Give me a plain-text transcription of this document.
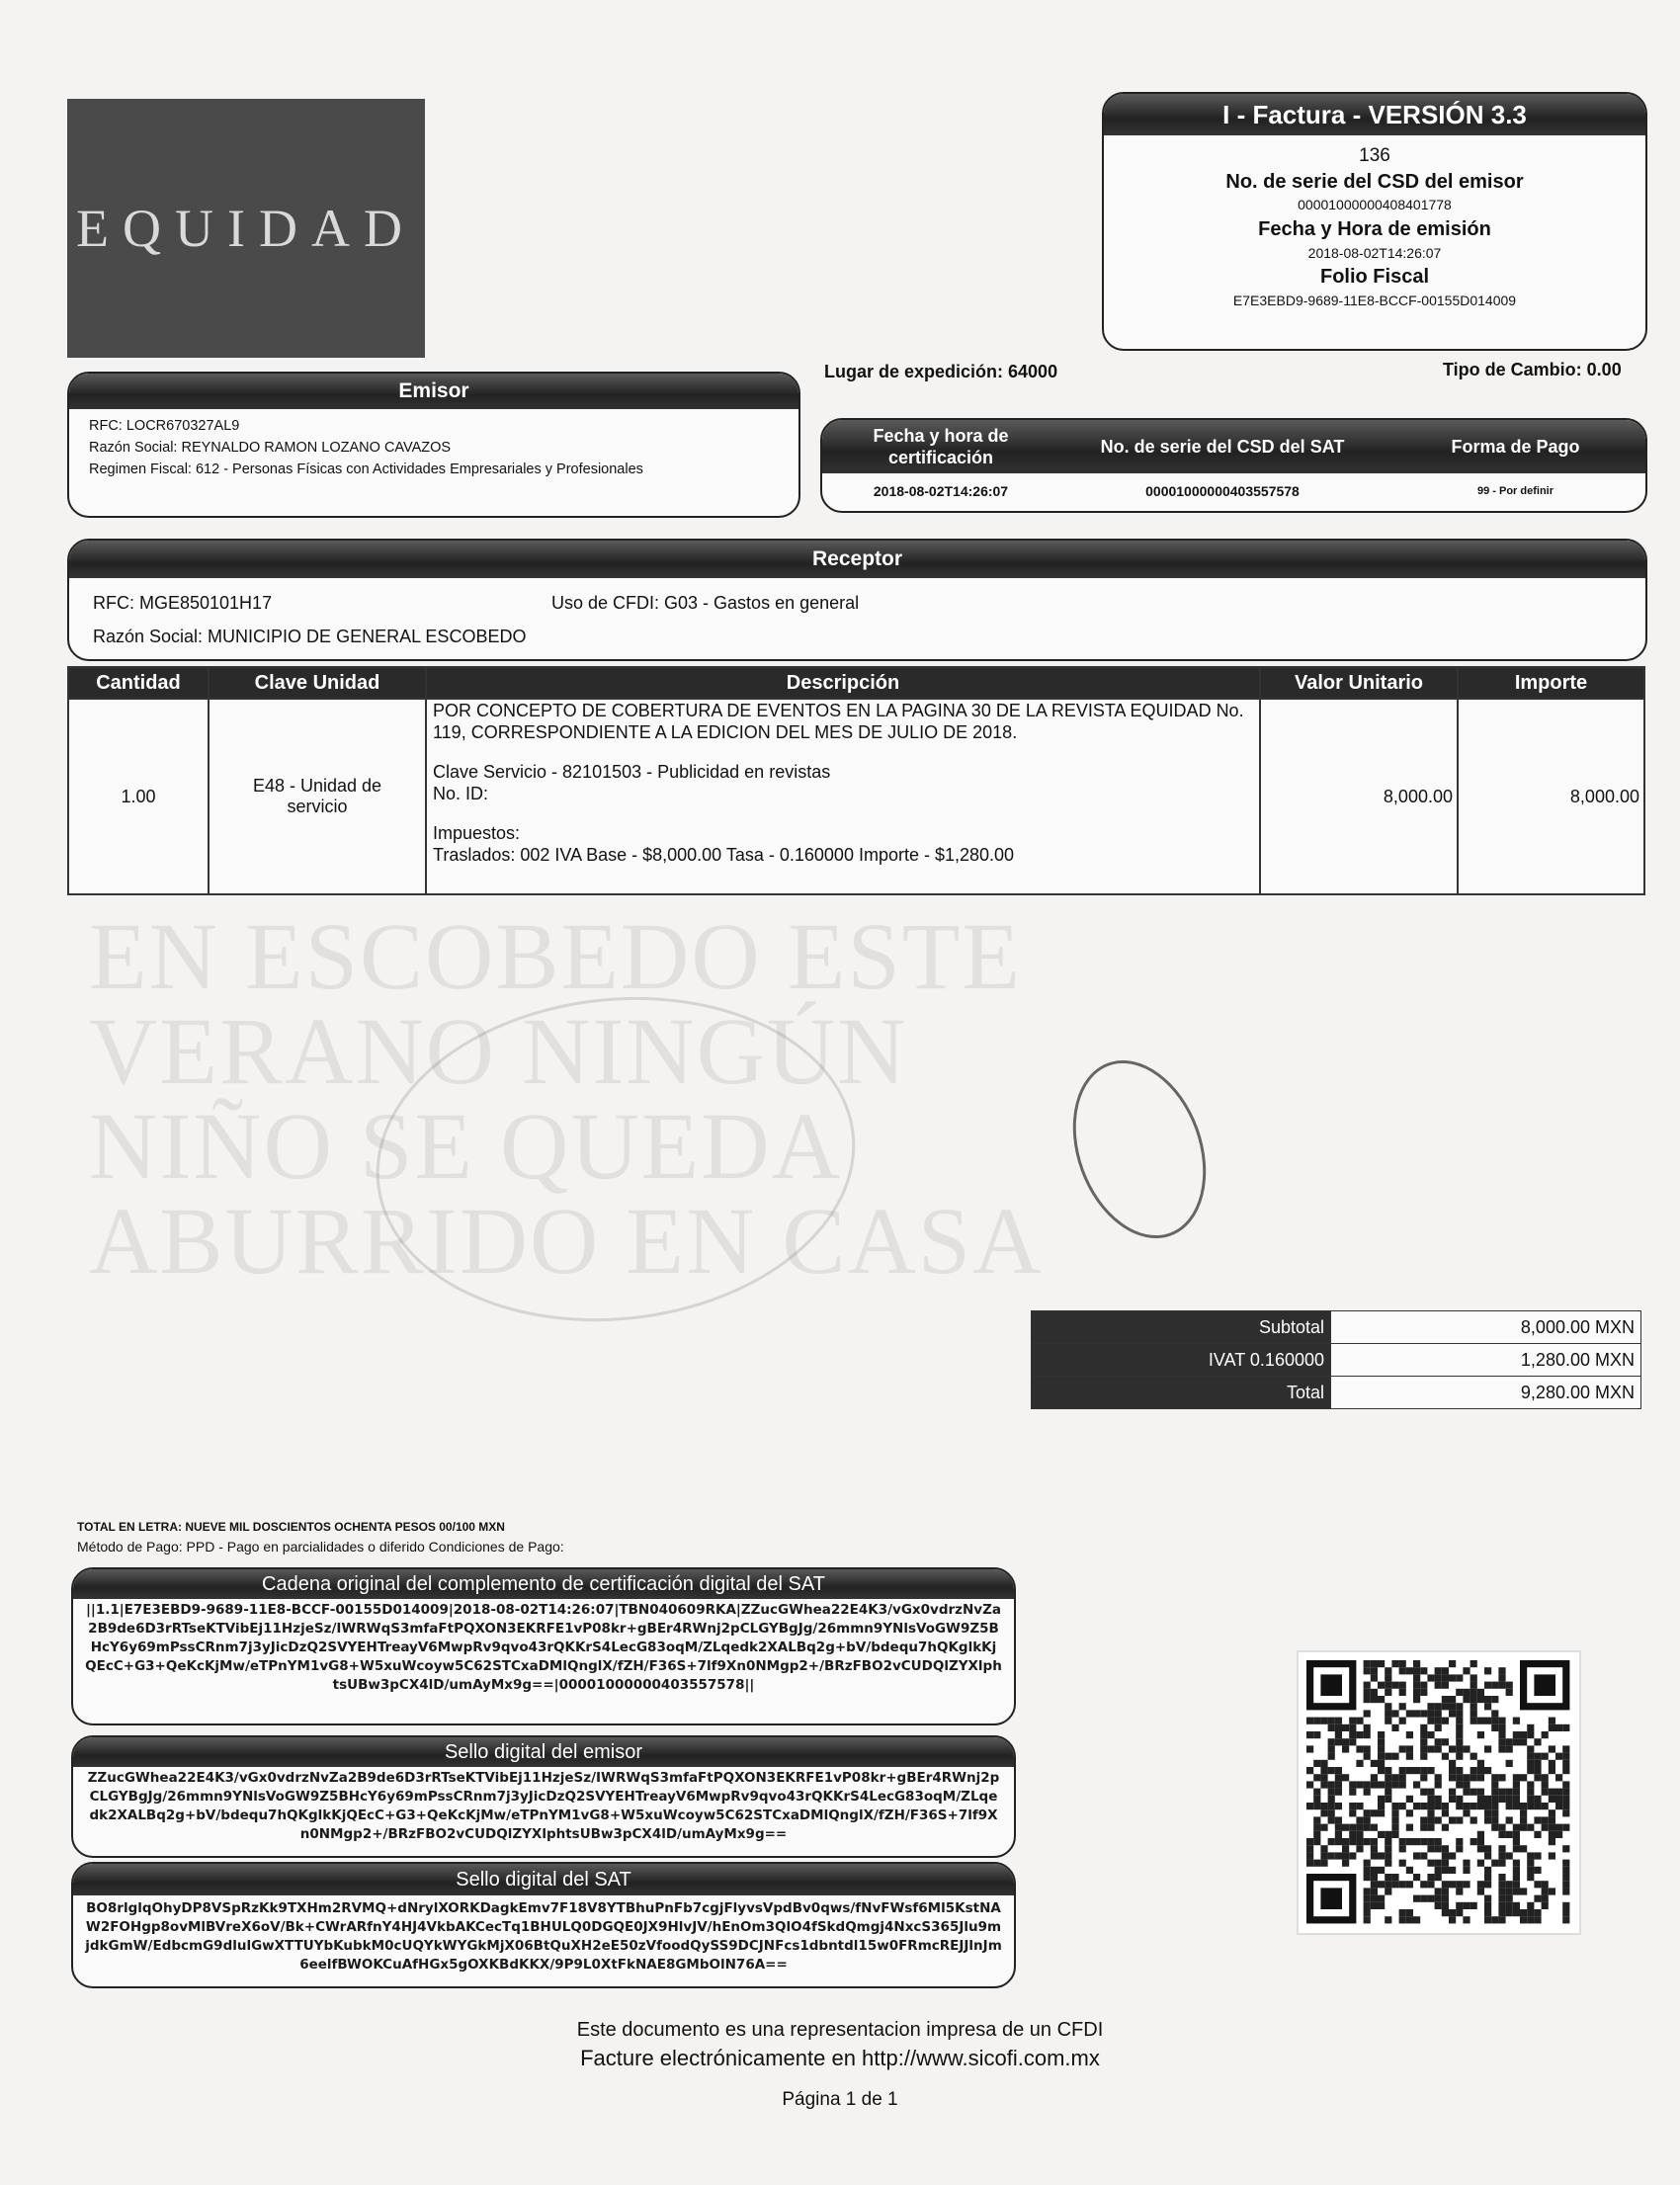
EN ESCOBEDO ESTE VERANO NINGÚN
NIÑO SE QUEDA ABURRIDO EN CASA
EQUIDAD
I - Factura - VERSIÓN 3.3
136
No. de serie del CSD del emisor
00001000000408401778
Fecha y Hora de emisión
2018-08-02T14:26:07
Folio Fiscal
E7E3EBD9-9689-11E8-BCCF-00155D014009
Lugar de expedición: 64000	Tipo de Cambio: 0.00
Emisor
RFC: LOCR670327AL9
Razón Social: REYNALDO RAMON LOZANO CAVAZOS
Regimen Fiscal: 612 - Personas Físicas con Actividades Empresariales y Profesionales
Fecha y hora de certificación
No. de serie del CSD del SAT	Forma de Pago
2018-08-02T14:26:07	00001000000403557578	99 - Por definir
Receptor
RFC: MGE850101H17	Uso de CFDI: G03 - Gastos en general
Razón Social: MUNICIPIO DE GENERAL ESCOBEDO
Cantidad	Clave Unidad	Descripción	Valor Unitario	Importe
1.00	E48 - Unidad de servicio	POR CONCEPTO DE COBERTURA DE EVENTOS EN LA PAGINA 30 DE LA REVISTA EQUIDAD No. 119, CORRESPONDIENTE A LA EDICION DEL MES DE JULIO DE 2018.
Clave Servicio - 82101503 - Publicidad en revistas
No. ID:
Impuestos:
Traslados: 002 IVA Base - $8,000.00 Tasa - 0.160000 Importe - $1,280.00	8,000.00	8,000.00
Subtotal	8,000.00 MXN
IVAT 0.160000	1,280.00 MXN
Total	9,280.00 MXN
TOTAL EN LETRA: NUEVE MIL DOSCIENTOS OCHENTA PESOS 00/100 MXN
Método de Pago: PPD - Pago en parcialidades o diferido Condiciones de Pago:
Cadena original del complemento de certificación digital del SAT
||1.1|E7E3EBD9-9689-11E8-BCCF-00155D014009|2018-08-02T14:26:07|TBN040609RKA|ZZucGWhea22E4K3/vGx0vdrzNvZa2B9de6D3rRTseKTVibEj11HzjeSz/IWRWqS3mfaFtPQXON3EKRFE1vP08kr+gBEr4RWnj2pCLGYBgJg/26mmn9YNlsVoGW9Z5BHcY6y69mPssCRnm7j3yJicDzQ2SVYEHTreayV6MwpRv9qvo43rQKKrS4LecG83oqM/ZLqedk2XALBq2g+bV/bdequ7hQKglkKjQEcC+G3+QeKcKjMw/eTPnYM1vG8+W5xuWcoyw5C62STCxaDMlQnglX/fZH/F36S+7lf9Xn0NMgp2+/BRzFBO2vCUDQlZYXlphtsUBw3pCX4lD/umAyMx9g==|00001000000403557578||
Sello digital del emisor
ZZucGWhea22E4K3/vGx0vdrzNvZa2B9de6D3rRTseKTVibEj11HzjeSz/IWRWqS3mfaFtPQXON3EKRFE1vP08kr+gBEr4RWnj2pCLGYBgJg/26mmn9YNlsVoGW9Z5BHcY6y69mPssCRnm7j3yJicDzQ2SVYEHTreayV6MwpRv9qvo43rQKKrS4LecG83oqM/ZLqedk2XALBq2g+bV/bdequ7hQKglkKjQEcC+G3+QeKcKjMw/eTPnYM1vG8+W5xuWcoyw5C62STCxaDMlQnglX/fZH/F36S+7lf9Xn0NMgp2+/BRzFBO2vCUDQlZYXlphtsUBw3pCX4lD/umAyMx9g==
Sello digital del SAT
BO8rlglqOhyDP8VSpRzKk9TXHm2RVMQ+dNrylXORKDagkEmv7F18V8YTBhuPnFb7cgjFlyvsVpdBv0qws/fNvFWsf6Ml5KstNAW2FOHgp8ovMlBVreX6oV/Bk+CWrARfnY4HJ4VkbAKCecTq1BHULQ0DGQE0JX9HlvJV/hEnOm3QlO4fSkdQmgj4NxcS365Jlu9mjdkGmW/EdbcmG9dlulGwXTTUYbKubkM0cUQYkWYGkMjX06BtQuXH2eE50zVfoodQySS9DCJNFcs1dbntdl15w0FRmcREJJlnJm6eelfBWOKCuAfHGx5gOXKBdKKX/9P9L0XtFkNAE8GMbOlN76A==
Este documento es una representacion impresa de un CFDI
Facture electrónicamente en http://www.sicofi.com.mx
Página 1 de 1
